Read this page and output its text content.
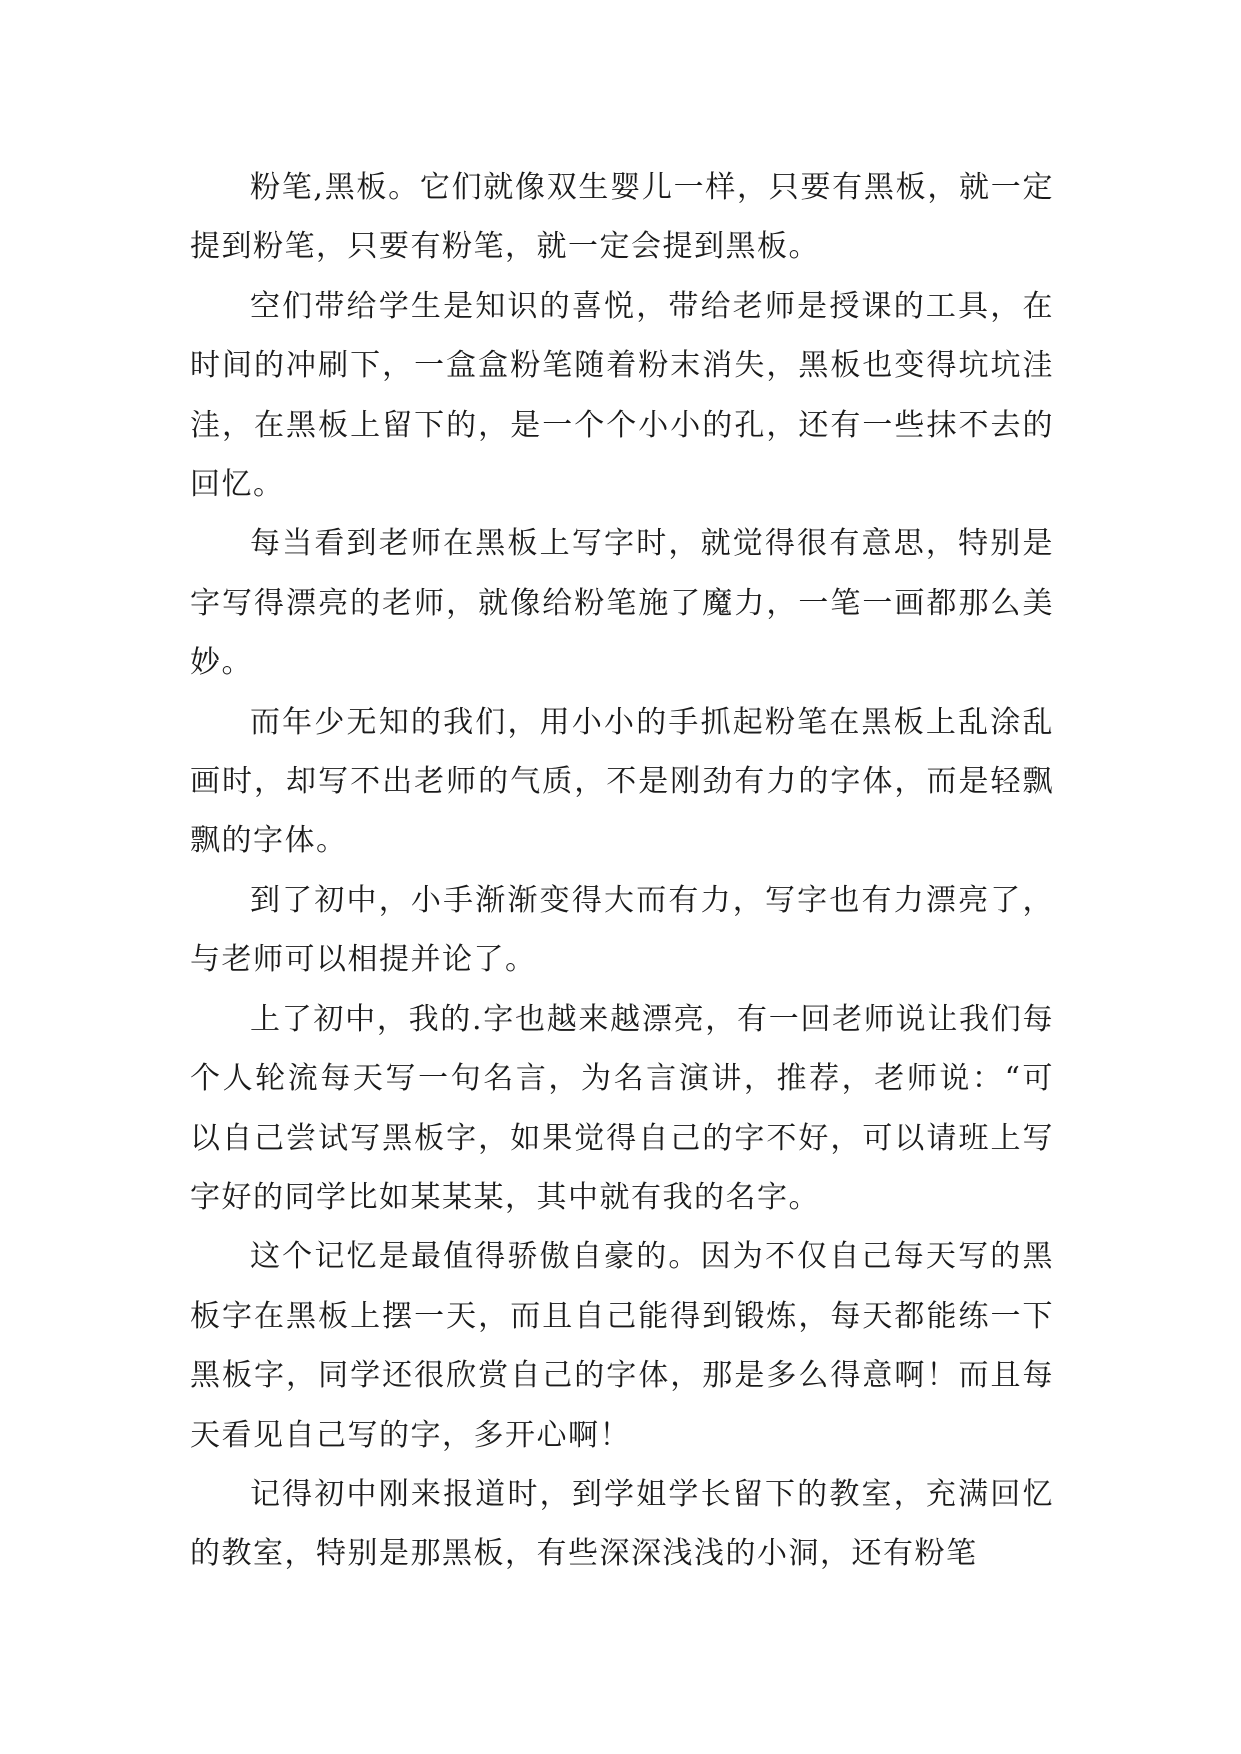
粉笔,黑板。它们就像双生婴儿一样，只要有黑板，就一定提到粉笔，只要有粉笔，就一定会提到黑板。

空们带给学生是知识的喜悦，带给老师是授课的工具，在时间的冲刷下，一盒盒粉笔随着粉末消失，黑板也变得坑坑洼洼，在黑板上留下的，是一个个小小的孔，还有一些抹不去的回忆。

每当看到老师在黑板上写字时，就觉得很有意思，特别是字写得漂亮的老师，就像给粉笔施了魔力，一笔一画都那么美妙。

而年少无知的我们，用小小的手抓起粉笔在黑板上乱涂乱画时，却写不出老师的气质，不是刚劲有力的字体，而是轻飘飘的字体。

到了初中，小手渐渐变得大而有力，写字也有力漂亮了，与老师可以相提并论了。

上了初中，我的.字也越来越漂亮，有一回老师说让我们每个人轮流每天写一句名言，为名言演讲，推荐，老师说：“可以自己尝试写黑板字，如果觉得自己的字不好，可以请班上写字好的同学比如某某某，其中就有我的名字。

这个记忆是最值得骄傲自豪的。因为不仅自己每天写的黑板字在黑板上摆一天，而且自己能得到锻炼，每天都能练一下黑板字，同学还很欣赏自己的字体，那是多么得意啊！而且每天看见自己写的字，多开心啊！

记得初中刚来报道时，到学姐学长留下的教室，充满回忆的教室，特别是那黑板，有些深深浅浅的小洞，还有粉笔
